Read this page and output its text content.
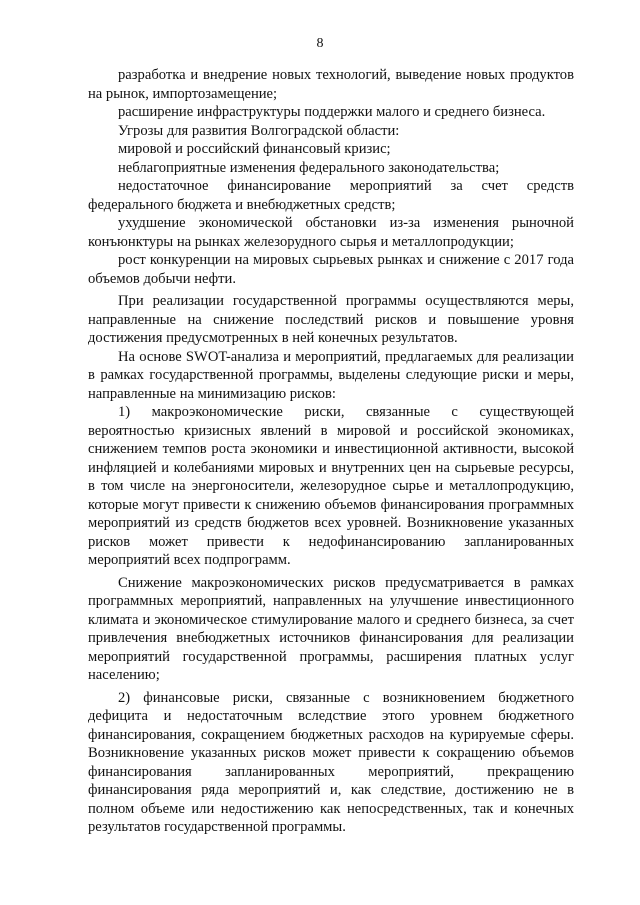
8

разработка и внедрение новых технологий, выведение новых продуктов на рынок, импортозамещение;

расширение инфраструктуры поддержки малого и среднего бизнеса.

Угрозы для развития Волгоградской области:

мировой и российский финансовый кризис;

неблагоприятные изменения федерального законодательства;

недостаточное финансирование мероприятий за счет средств федерального бюджета и внебюджетных средств;

ухудшение экономической обстановки из-за изменения рыночной конъюнктуры на рынках железорудного сырья и металлопродукции;

рост конкуренции на мировых сырьевых рынках и снижение с 2017 года объемов добычи нефти.

При реализации государственной программы осуществляются меры, направленные на снижение последствий рисков и повышение уровня достижения предусмотренных в ней конечных результатов.

На основе SWOT-анализа и мероприятий, предлагаемых для реализации в рамках государственной программы, выделены следующие риски и меры, направленные на минимизацию рисков:

1) макроэкономические риски, связанные с существующей вероятностью кризисных явлений в мировой и российской экономиках, снижением темпов роста экономики и инвестиционной активности, высокой инфляцией и колебаниями мировых и внутренних цен на сырьевые ресурсы, в том числе на энергоносители, железорудное сырье и металлопродукцию, которые могут привести к снижению объемов финансирования программных мероприятий из средств бюджетов всех уровней. Возникновение указанных рисков может привести к недофинансированию запланированных мероприятий всех подпрограмм.

Снижение макроэкономических рисков предусматривается в рамках программных мероприятий, направленных на улучшение инвестиционного климата и экономическое стимулирование малого и среднего бизнеса, за счет привлечения внебюджетных источников финансирования для реализации мероприятий государственной программы, расширения платных услуг населению;

2) финансовые риски, связанные с возникновением бюджетного дефицита и недостаточным вследствие этого уровнем бюджетного финансирования, сокращением бюджетных расходов на курируемые сферы. Возникновение указанных рисков может привести к сокращению объемов финансирования запланированных мероприятий, прекращению финансирования ряда мероприятий и, как следствие, достижению не в полном объеме или недостижению как непосредственных, так и конечных результатов государственной программы.
